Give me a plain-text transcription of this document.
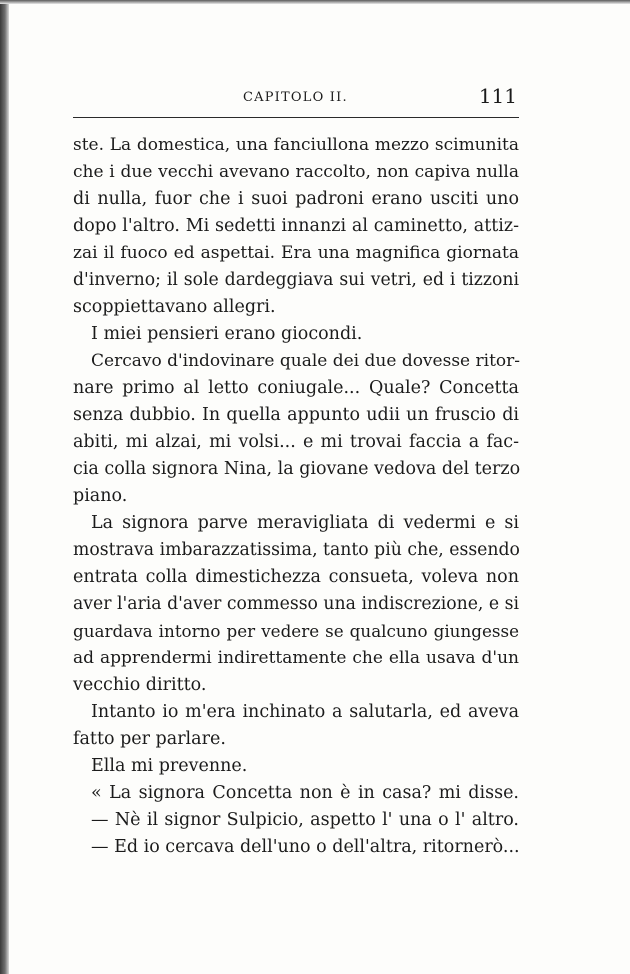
CAPITOLO II.	111
ste. La domestica, una fanciullona mezzo scimunita
che i due vecchi avevano raccolto, non capiva nulla
di nulla, fuor che i suoi padroni erano usciti uno
dopo l'altro. Mi sedetti innanzi al caminetto, attiz-
zai il fuoco ed aspettai. Era una magnifica giornata
d'inverno; il sole dardeggiava sui vetri, ed i tizzoni
scoppiettavano allegri.
I miei pensieri erano giocondi.
Cercavo d'indovinare quale dei due dovesse ritor-
nare primo al letto coniugale... Quale? Concetta
senza dubbio. In quella appunto udii un fruscio di
abiti, mi alzai, mi volsi... e mi trovai faccia a fac-
cia colla signora Nina, la giovane vedova del terzo
piano.
La signora parve meravigliata di vedermi e si
mostrava imbarazzatissima, tanto più che, essendo
entrata colla dimestichezza consueta, voleva non
aver l'aria d'aver commesso una indiscrezione, e si
guardava intorno per vedere se qualcuno giungesse
ad apprendermi indirettamente che ella usava d'un
vecchio diritto.
Intanto io m'era inchinato a salutarla, ed aveva
fatto per parlare.
Ella mi prevenne.
« La signora Concetta non è in casa? mi disse.
— Nè il signor Sulpicio, aspetto l' una o l' altro.
— Ed io cercava dell'uno o dell'altra, ritornerò...
